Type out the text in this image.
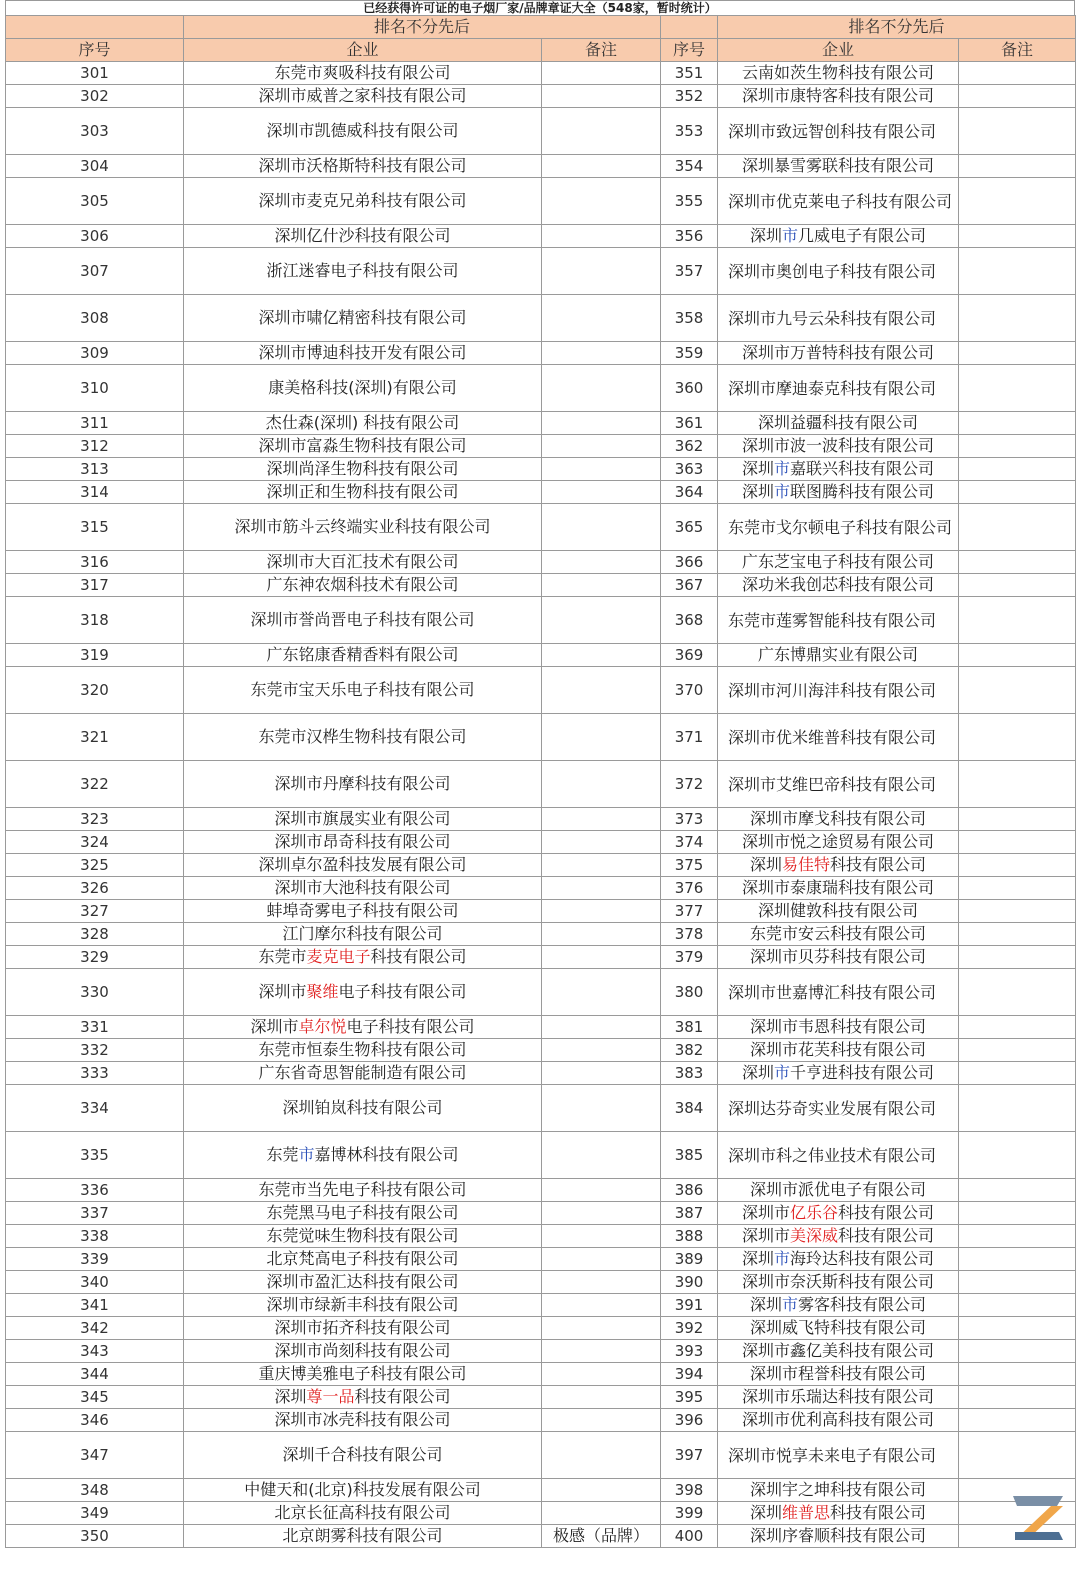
已经获得许可证的电子烟厂家/品牌章证大全（548家，暂时统计）
	排名不分先后			排名不分先后	
序号	企业	备注	序号	企业	备注
301	东莞市爽吸科技有限公司		351	云南如茨生物科技有限公司	
302	深圳市威普之家科技有限公司		352	深圳市康特客科技有限公司	
303	深圳市凯德威科技有限公司		353	深圳市致远智创科技有限公司	
304	深圳市沃格斯特科技有限公司		354	深圳暴雪雾联科技有限公司	
305	深圳市麦克兄弟科技有限公司		355	深圳市优克莱电子科技有限公司	
306	深圳亿什沙科技有限公司		356	深圳市几威电子有限公司	
307	浙江迷睿电子科技有限公司		357	深圳市奥创电子科技有限公司	
308	深圳市啸亿精密科技有限公司		358	深圳市九号云朵科技有限公司	
309	深圳市博迪科技开发有限公司		359	深圳市万普特科技有限公司	
310	康美格科技(深圳)有限公司		360	深圳市摩迪泰克科技有限公司	
311	杰仕森(深圳) 科技有限公司		361	深圳益疆科技有限公司	
312	深圳市富淼生物科技有限公司		362	深圳市波一波科技有限公司	
313	深圳尚泽生物科技有限公司		363	深圳市嘉联兴科技有限公司	
314	深圳正和生物科技有限公司		364	深圳市联图腾科技有限公司	
315	深圳市筋斗云终端实业科技有限公司		365	东莞市戈尔顿电子科技有限公司	
316	深圳市大百汇技术有限公司		366	广东芝宝电子科技有限公司	
317	广东神农烟科技术有限公司		367	深功米我创芯科技有限公司	
318	深圳市誉尚晋电子科技有限公司		368	东莞市莲雾智能科技有限公司	
319	广东铭康香精香料有限公司		369	广东博鼎实业有限公司	
320	东莞市宝天乐电子科技有限公司		370	深圳市河川海沣科技有限公司	
321	东莞市汉桦生物科技有限公司		371	深圳市优米维普科技有限公司	
322	深圳市丹摩科技有限公司		372	深圳市艾维巴帝科技有限公司	
323	深圳市旗晟实业有限公司		373	深圳市摩戈科技有限公司	
324	深圳市昂奇科技有限公司		374	深圳市悦之途贸易有限公司	
325	深圳卓尔盈科技发展有限公司		375	深圳易佳特科技有限公司	
326	深圳市大池科技有限公司		376	深圳市泰康瑞科技有限公司	
327	蚌埠奇雾电子科技有限公司		377	深圳健敦科技有限公司	
328	江门摩尔科技有限公司		378	东莞市安云科技有限公司	
329	东莞市麦克电子科技有限公司		379	深圳市贝芬科技有限公司	
330	深圳市聚维电子科技有限公司		380	深圳市世嘉博汇科技有限公司	
331	深圳市卓尔悦电子科技有限公司		381	深圳市韦恩科技有限公司	
332	东莞市恒泰生物科技有限公司		382	深圳市花芙科技有限公司	
333	广东省奇思智能制造有限公司		383	深圳市千亨进科技有限公司	
334	深圳铂岚科技有限公司		384	深圳达芬奇实业发展有限公司	
335	东莞市嘉博林科技有限公司		385	深圳市科之伟业技术有限公司	
336	东莞市当先电子科技有限公司		386	深圳市派优电子有限公司	
337	东莞黑马电子科技有限公司		387	深圳市亿乐谷科技有限公司	
338	东莞觉味生物科技有限公司		388	深圳市美深威科技有限公司	
339	北京梵高电子科技有限公司		389	深圳市海玲达科技有限公司	
340	深圳市盈汇达科技有限公司		390	深圳市奈沃斯科技有限公司	
341	深圳市绿新丰科技有限公司		391	深圳市雾客科技有限公司	
342	深圳市拓齐科技有限公司		392	深圳威飞特科技有限公司	
343	深圳市尚刻科技有限公司		393	深圳市鑫亿美科技有限公司	
344	重庆博美雅电子科技有限公司		394	深圳市程誉科技有限公司	
345	深圳尊一品科技有限公司		395	深圳市乐瑞达科技有限公司	
346	深圳市冰壳科技有限公司		396	深圳市优利高科技有限公司	
347	深圳千合科技有限公司		397	深圳市悦享未来电子有限公司	
348	中健天和(北京)科技发展有限公司		398	深圳宇之坤科技有限公司	
349	北京长征高科技有限公司		399	深圳维普思科技有限公司	
350	北京朗雾科技有限公司	极感（品牌）	400	深圳序睿顺科技有限公司	
